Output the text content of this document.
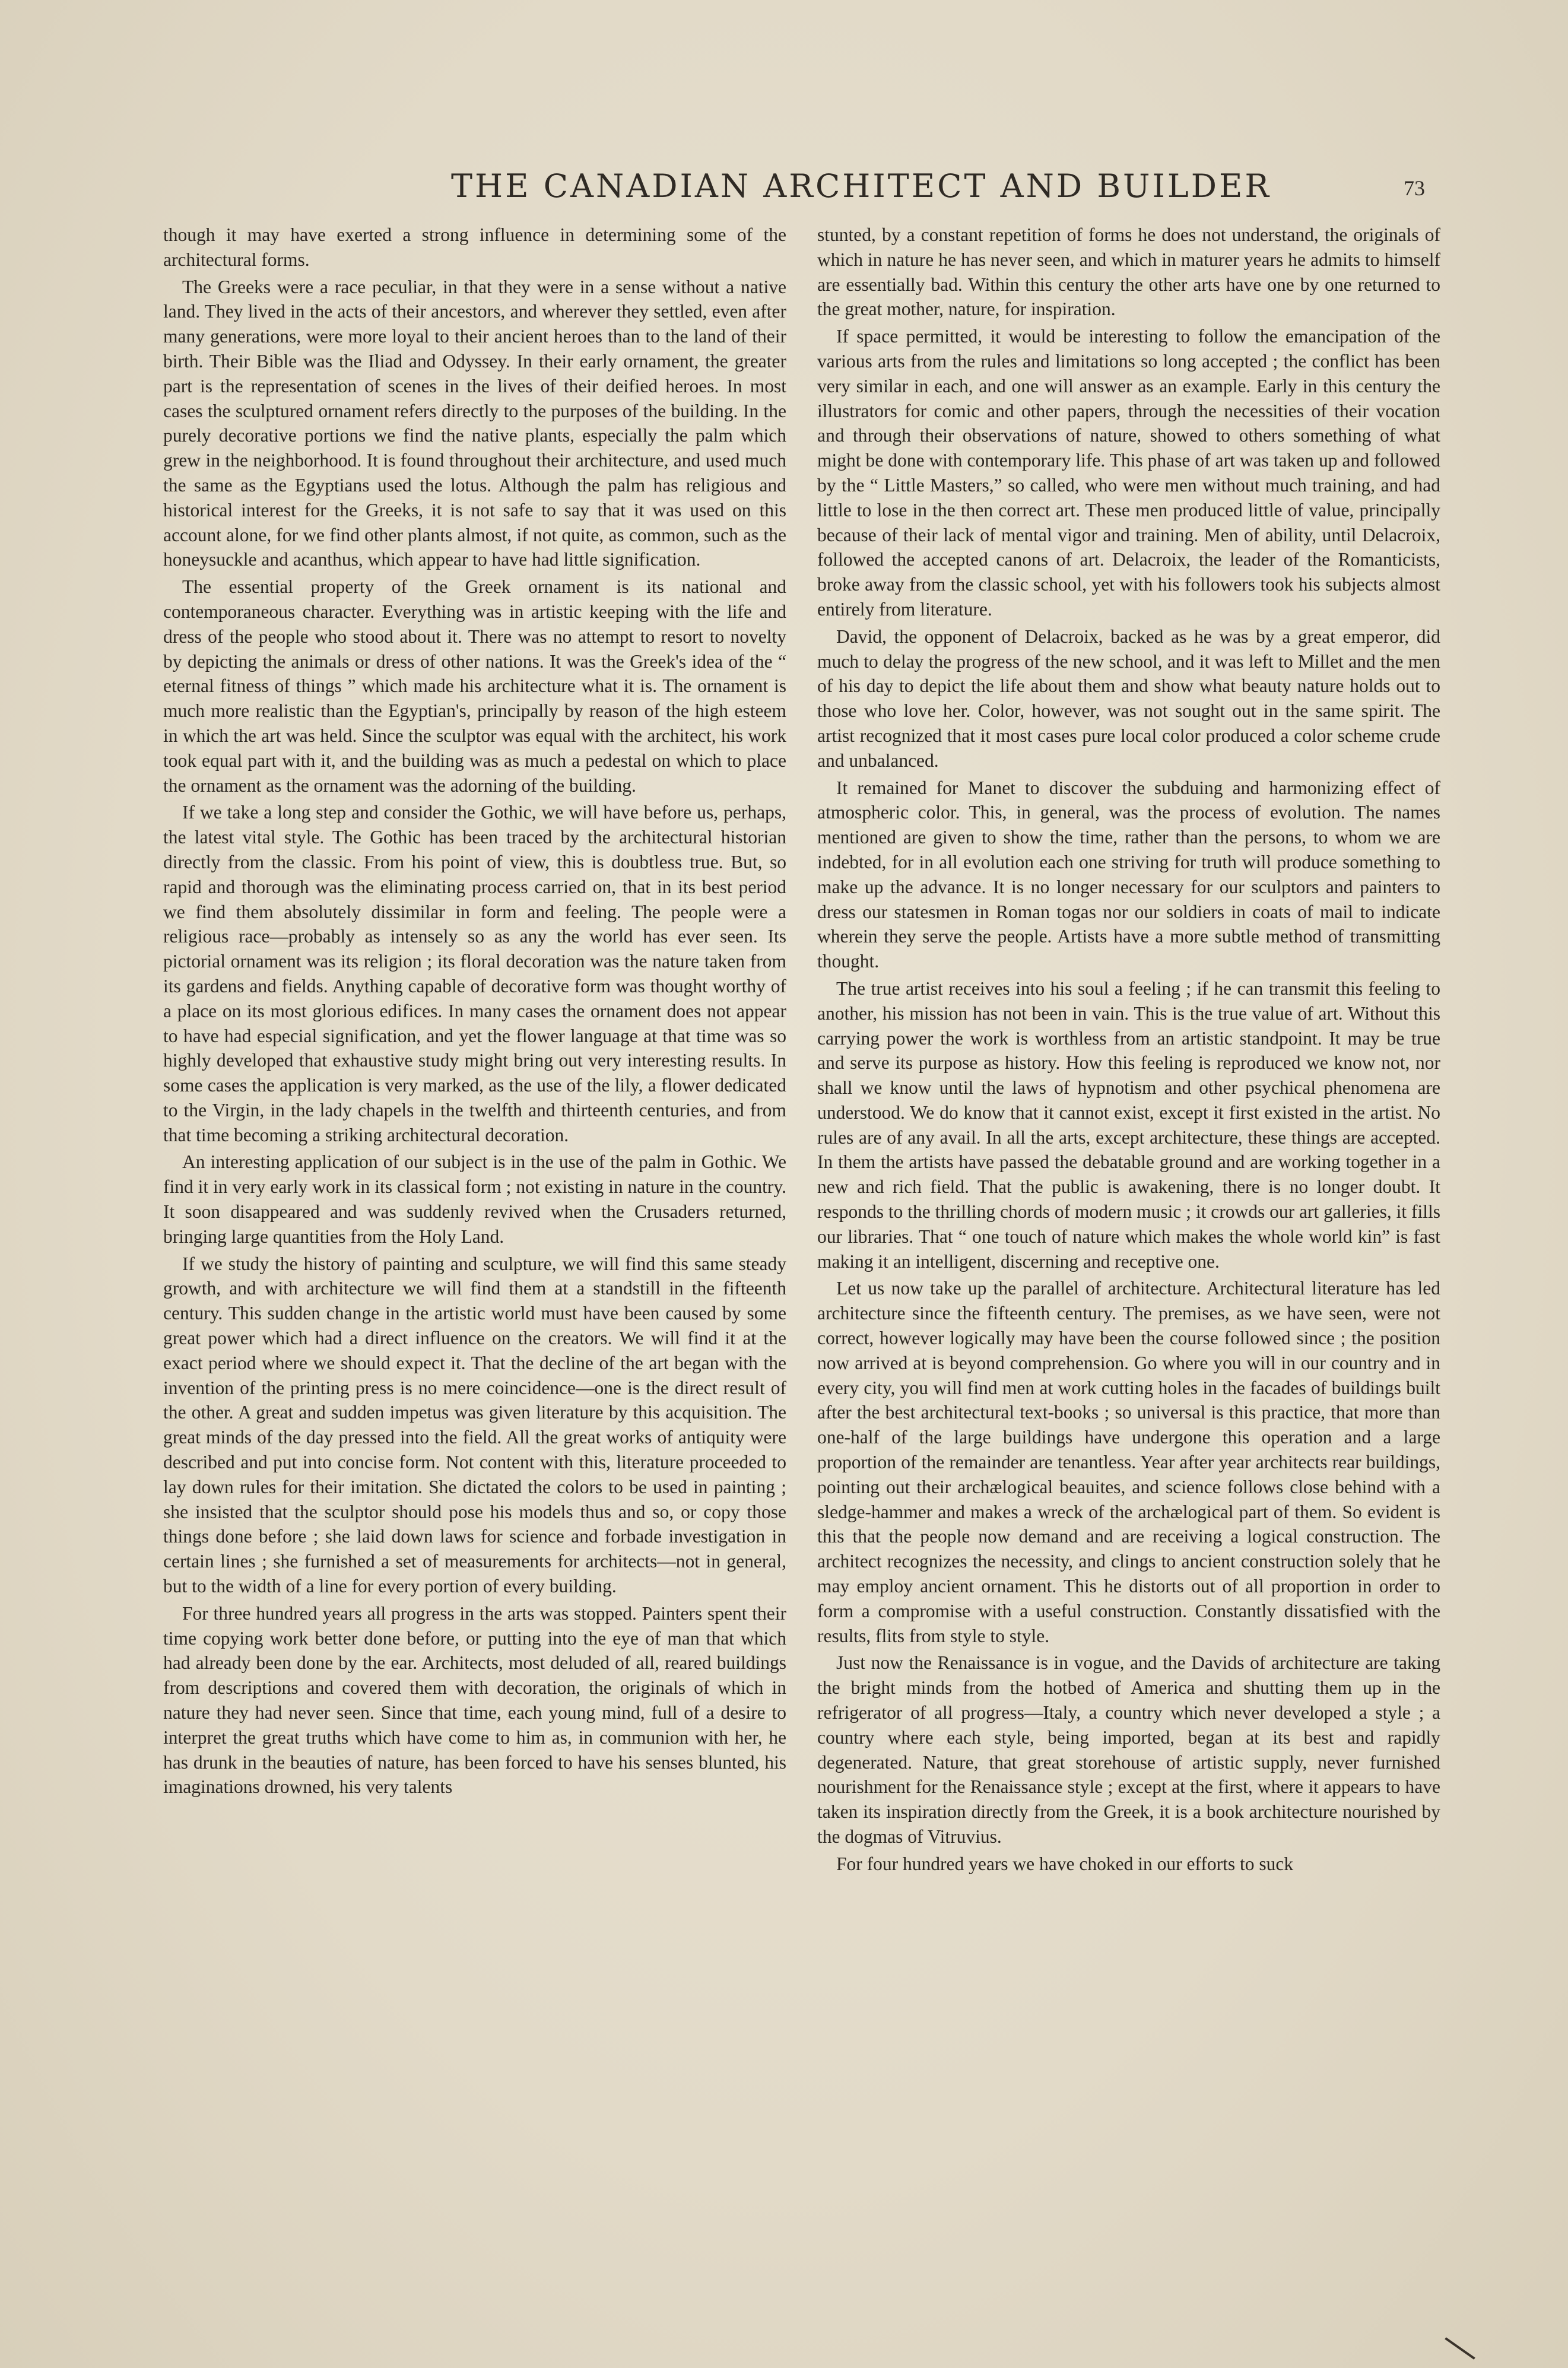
THE CANADIAN ARCHITECT AND BUILDER	73

though it may have exerted a strong influence in determining some of the architectural forms.

The Greeks were a race peculiar, in that they were in a sense without a native land. They lived in the acts of their ancestors, and wherever they settled, even after many generations, were more loyal to their ancient heroes than to the land of their birth. Their Bible was the Iliad and Odyssey. In their early ornament, the greater part is the representation of scenes in the lives of their deified heroes. In most cases the sculptured ornament refers directly to the purposes of the building. In the purely decorative portions we find the native plants, especially the palm which grew in the neighborhood. It is found throughout their architecture, and used much the same as the Egyptians used the lotus. Although the palm has religious and historical interest for the Greeks, it is not safe to say that it was used on this account alone, for we find other plants almost, if not quite, as common, such as the honeysuckle and acanthus, which appear to have had little signification.

The essential property of the Greek ornament is its national and contemporaneous character. Everything was in artistic keeping with the life and dress of the people who stood about it. There was no attempt to resort to novelty by depicting the animals or dress of other nations. It was the Greek's idea of the “ eternal fitness of things ” which made his architecture what it is. The ornament is much more realistic than the Egyptian's, principally by reason of the high esteem in which the art was held. Since the sculptor was equal with the architect, his work took equal part with it, and the building was as much a pedestal on which to place the ornament as the ornament was the adorning of the building.

If we take a long step and consider the Gothic, we will have before us, perhaps, the latest vital style. The Gothic has been traced by the architectural historian directly from the classic. From his point of view, this is doubtless true. But, so rapid and thorough was the eliminating process carried on, that in its best period we find them absolutely dissimilar in form and feeling. The people were a religious race—probably as intensely so as any the world has ever seen. Its pictorial ornament was its religion ; its floral decoration was the nature taken from its gardens and fields. Anything capable of decorative form was thought worthy of a place on its most glorious edifices. In many cases the ornament does not appear to have had especial signification, and yet the flower language at that time was so highly developed that exhaustive study might bring out very interesting results. In some cases the application is very marked, as the use of the lily, a flower dedicated to the Virgin, in the lady chapels in the twelfth and thirteenth centuries, and from that time becoming a striking architectural decoration.

An interesting application of our subject is in the use of the palm in Gothic. We find it in very early work in its classical form ; not existing in nature in the country. It soon disappeared and was suddenly revived when the Crusaders returned, bringing large quantities from the Holy Land.

If we study the history of painting and sculpture, we will find this same steady growth, and with architecture we will find them at a standstill in the fifteenth century. This sudden change in the artistic world must have been caused by some great power which had a direct influence on the creators. We will find it at the exact period where we should expect it. That the decline of the art began with the invention of the printing press is no mere coincidence—one is the direct result of the other. A great and sudden impetus was given literature by this acquisition. The great minds of the day pressed into the field. All the great works of antiquity were described and put into concise form. Not content with this, literature proceeded to lay down rules for their imitation. She dictated the colors to be used in painting ; she insisted that the sculptor should pose his models thus and so, or copy those things done before ; she laid down laws for science and forbade investigation in certain lines ; she furnished a set of measurements for architects—not in general, but to the width of a line for every portion of every building.

For three hundred years all progress in the arts was stopped. Painters spent their time copying work better done before, or putting into the eye of man that which had already been done by the ear. Architects, most deluded of all, reared buildings from descriptions and covered them with decoration, the originals of which in nature they had never seen. Since that time, each young mind, full of a desire to interpret the great truths which have come to him as, in communion with her, he has drunk in the beauties of nature, has been forced to have his senses blunted, his imaginations drowned, his very talents

stunted, by a constant repetition of forms he does not understand, the originals of which in nature he has never seen, and which in maturer years he admits to himself are essentially bad. Within this century the other arts have one by one returned to the great mother, nature, for inspiration.

If space permitted, it would be interesting to follow the emancipation of the various arts from the rules and limitations so long accepted ; the conflict has been very similar in each, and one will answer as an example. Early in this century the illustrators for comic and other papers, through the necessities of their vocation and through their observations of nature, showed to others something of what might be done with contemporary life. This phase of art was taken up and followed by the “ Little Masters,” so called, who were men without much training, and had little to lose in the then correct art. These men produced little of value, principally because of their lack of mental vigor and training. Men of ability, until Delacroix, followed the accepted canons of art. Delacroix, the leader of the Romanticists, broke away from the classic school, yet with his followers took his subjects almost entirely from literature.

David, the opponent of Delacroix, backed as he was by a great emperor, did much to delay the progress of the new school, and it was left to Millet and the men of his day to depict the life about them and show what beauty nature holds out to those who love her. Color, however, was not sought out in the same spirit. The artist recognized that it most cases pure local color produced a color scheme crude and unbalanced.

It remained for Manet to discover the subduing and harmonizing effect of atmospheric color. This, in general, was the process of evolution. The names mentioned are given to show the time, rather than the persons, to whom we are indebted, for in all evolution each one striving for truth will produce something to make up the advance. It is no longer necessary for our sculptors and painters to dress our statesmen in Roman togas nor our soldiers in coats of mail to indicate wherein they serve the people. Artists have a more subtle method of transmitting thought.

The true artist receives into his soul a feeling ; if he can transmit this feeling to another, his mission has not been in vain. This is the true value of art. Without this carrying power the work is worthless from an artistic standpoint. It may be true and serve its purpose as history. How this feeling is reproduced we know not, nor shall we know until the laws of hypnotism and other psychical phenomena are understood. We do know that it cannot exist, except it first existed in the artist. No rules are of any avail. In all the arts, except architecture, these things are accepted. In them the artists have passed the debatable ground and are working together in a new and rich field. That the public is awakening, there is no longer doubt. It responds to the thrilling chords of modern music ; it crowds our art galleries, it fills our libraries. That “ one touch of nature which makes the whole world kin” is fast making it an intelligent, discerning and receptive one.

Let us now take up the parallel of architecture. Architectural literature has led architecture since the fifteenth century. The premises, as we have seen, were not correct, however logically may have been the course followed since ; the position now arrived at is beyond comprehension. Go where you will in our country and in every city, you will find men at work cutting holes in the facades of buildings built after the best architectural text-books ; so universal is this practice, that more than one-half of the large buildings have undergone this operation and a large proportion of the remainder are tenantless. Year after year architects rear buildings, pointing out their archælogical beauites, and science follows close behind with a sledge-hammer and makes a wreck of the archælogical part of them. So evident is this that the people now demand and are receiving a logical construction. The architect recognizes the necessity, and clings to ancient construction solely that he may employ ancient ornament. This he distorts out of all proportion in order to form a compromise with a useful construction. Constantly dissatisfied with the results, flits from style to style.

Just now the Renaissance is in vogue, and the Davids of architecture are taking the bright minds from the hotbed of America and shutting them up in the refrigerator of all progress—Italy, a country which never developed a style ; a country where each style, being imported, began at its best and rapidly degenerated. Nature, that great storehouse of artistic supply, never furnished nourishment for the Renaissance style ; except at the first, where it appears to have taken its inspiration directly from the Greek, it is a book architecture nourished by the dogmas of Vitruvius.

For four hundred years we have choked in our efforts to suck
